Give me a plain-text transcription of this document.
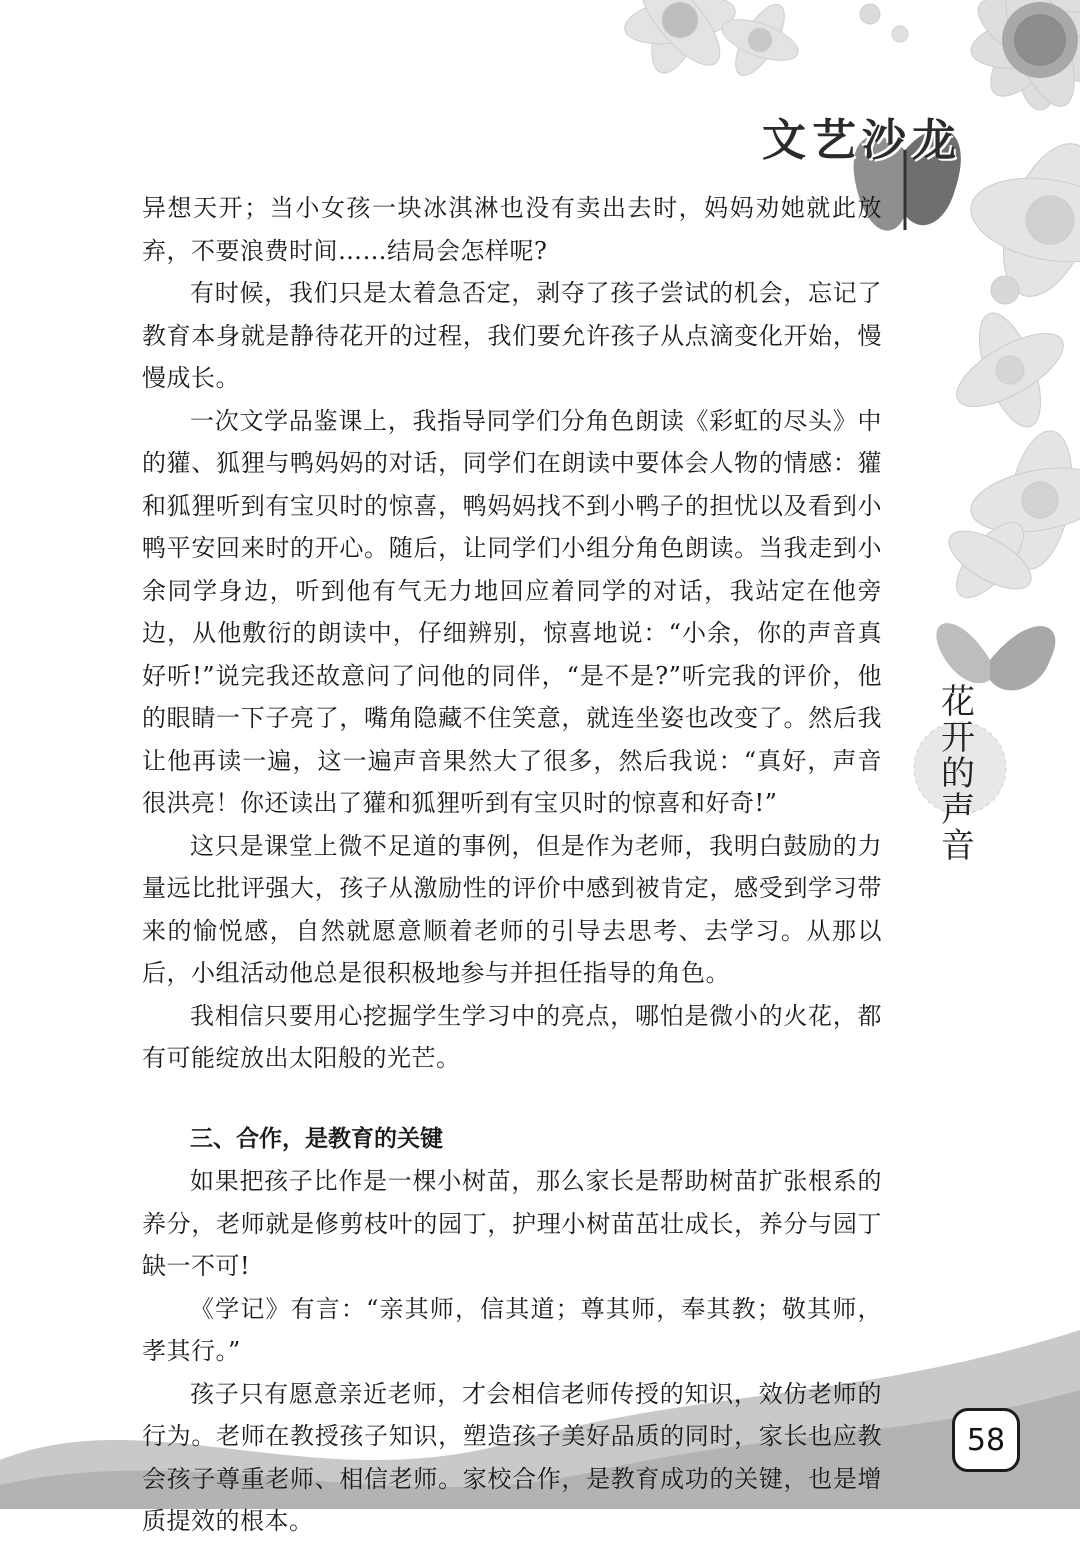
文艺沙龙
花
开
的
声
音

异想天开；当小女孩一块冰淇淋也没有卖出去时，妈妈劝她就此放弃，不要浪费时间……结局会怎样呢?

有时候，我们只是太着急否定，剥夺了孩子尝试的机会，忘记了教育本身就是静待花开的过程，我们要允许孩子从点滴变化开始，慢慢成长。

一次文学品鉴课上，我指导同学们分角色朗读《彩虹的尽头》中的獾、狐狸与鸭妈妈的对话，同学们在朗读中要体会人物的情感：獾和狐狸听到有宝贝时的惊喜，鸭妈妈找不到小鸭子的担忧以及看到小鸭平安回来时的开心。随后，让同学们小组分角色朗读。当我走到小余同学身边，听到他有气无力地回应着同学的对话，我站定在他旁边，从他敷衍的朗读中，仔细辨别，惊喜地说：“小余，你的声音真好听!”说完我还故意问了问他的同伴，“是不是?”听完我的评价，他的眼睛一下子亮了，嘴角隐藏不住笑意，就连坐姿也改变了。然后我让他再读一遍，这一遍声音果然大了很多，然后我说：“真好，声音很洪亮！你还读出了獾和狐狸听到有宝贝时的惊喜和好奇!”

这只是课堂上微不足道的事例，但是作为老师，我明白鼓励的力量远比批评强大，孩子从激励性的评价中感到被肯定，感受到学习带来的愉悦感，自然就愿意顺着老师的引导去思考、去学习。从那以后，小组活动他总是很积极地参与并担任指导的角色。

我相信只要用心挖掘学生学习中的亮点，哪怕是微小的火花，都有可能绽放出太阳般的光芒。

三、合作，是教育的关键

如果把孩子比作是一棵小树苗，那么家长是帮助树苗扩张根系的养分，老师就是修剪枝叶的园丁，护理小树苗茁壮成长，养分与园丁缺一不可!

《学记》有言：“亲其师，信其道；尊其师，奉其教；敬其师，孝其行。”

孩子只有愿意亲近老师，才会相信老师传授的知识，效仿老师的行为。老师在教授孩子知识，塑造孩子美好品质的同时，家长也应教会孩子尊重老师、相信老师。家校合作，是教育成功的关键，也是增质提效的根本。

58
